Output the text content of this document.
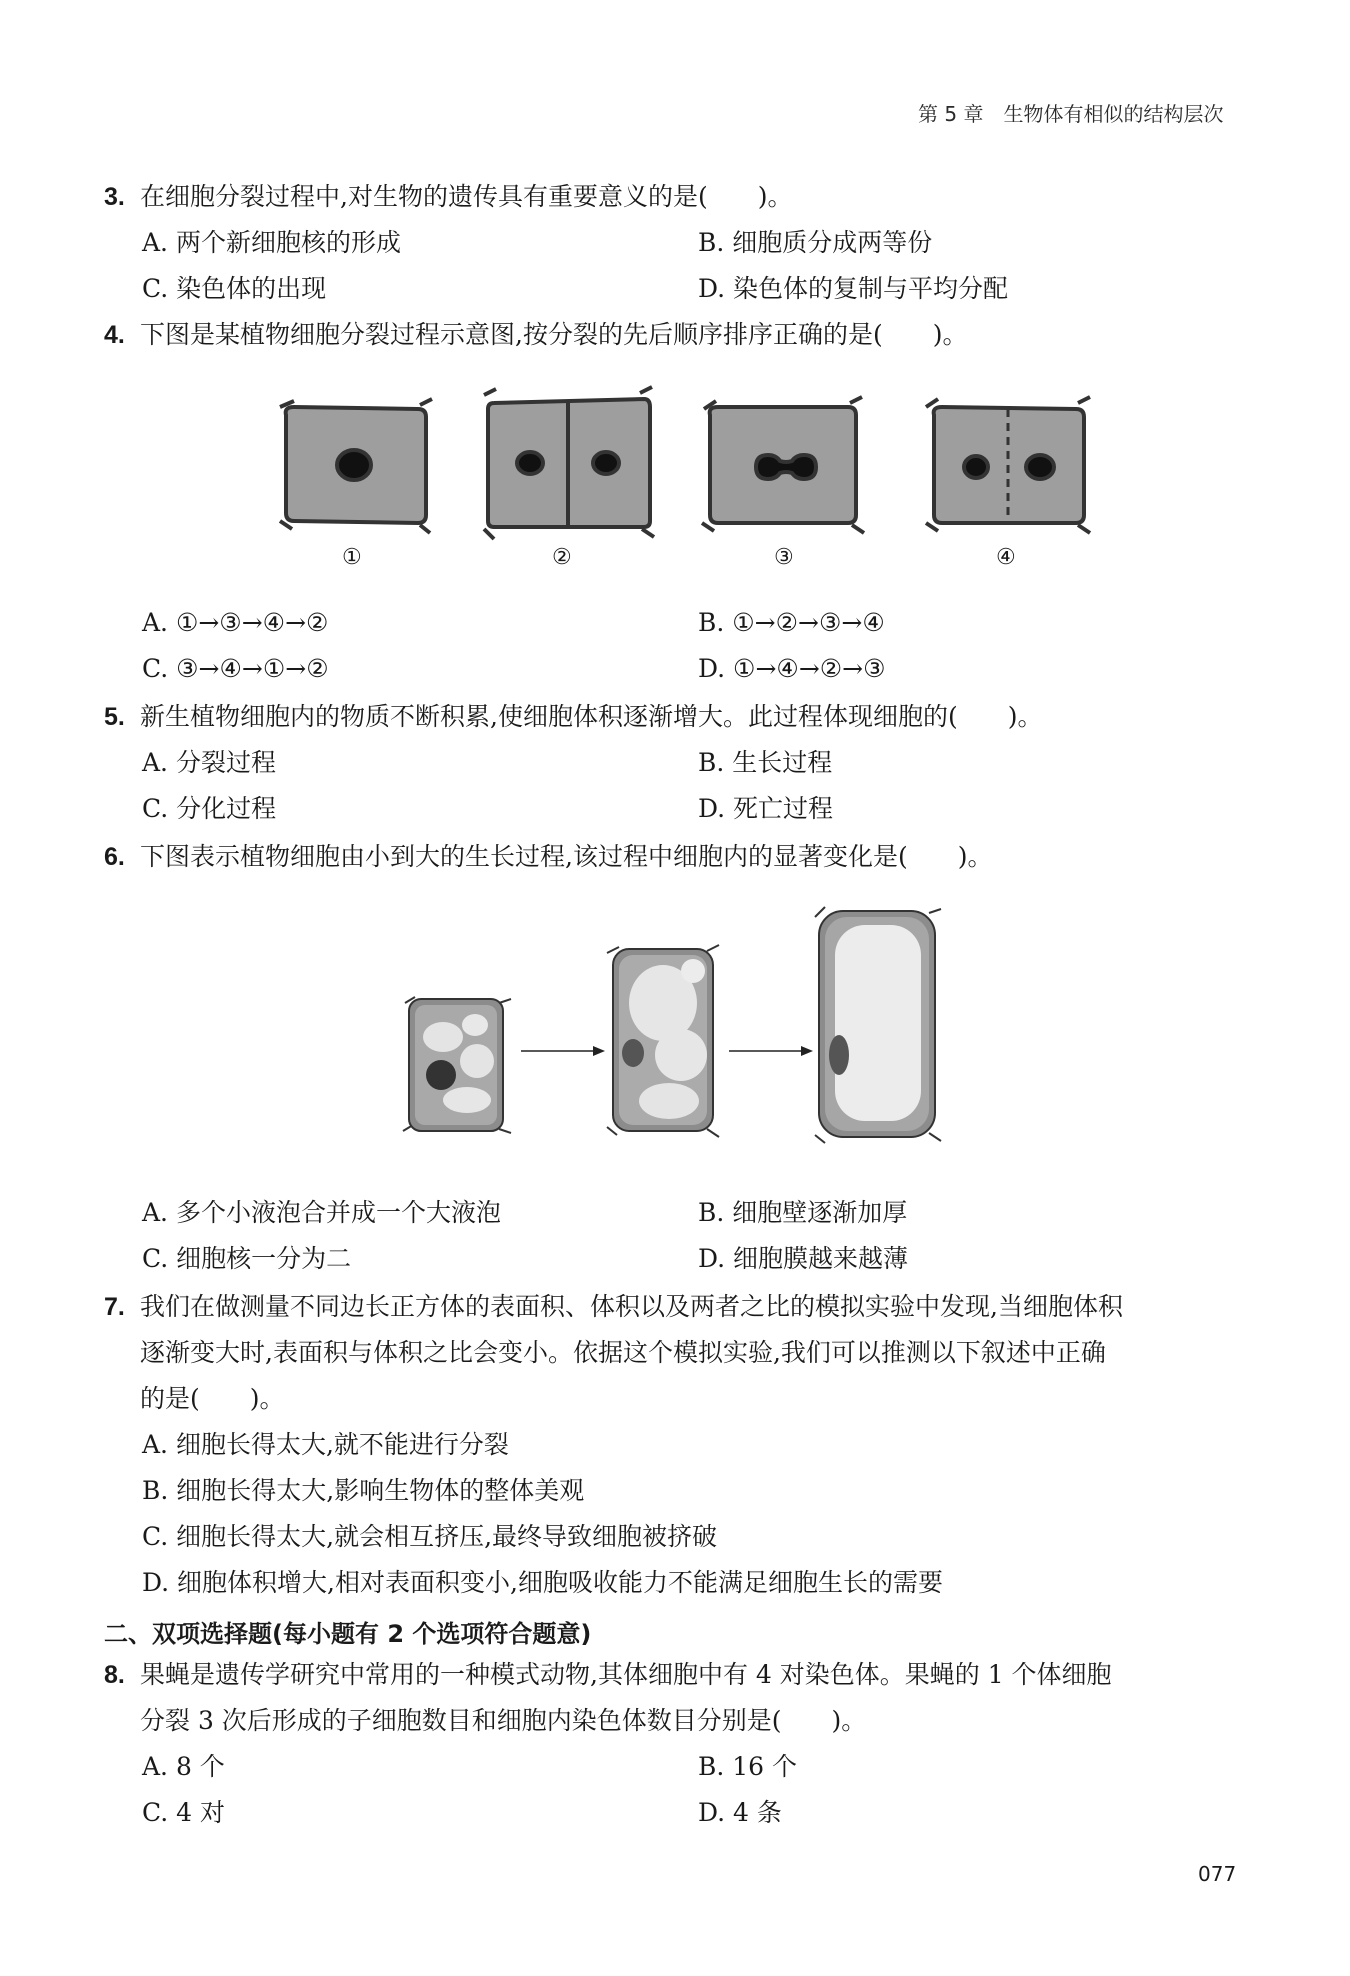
第 5 章　生物体有相似的结构层次
3. 在细胞分裂过程中,对生物的遗传具有重要意义的是(　　)。
A. 两个新细胞核的形成	B. 细胞质分成两等份
C. 染色体的出现	D. 染色体的复制与平均分配
4. 下图是某植物细胞分裂过程示意图,按分裂的先后顺序排序正确的是(　　)。
①	②	③	④
A. ①→③→④→②	B. ①→②→③→④
C. ③→④→①→②	D. ①→④→②→③
5. 新生植物细胞内的物质不断积累,使细胞体积逐渐增大。此过程体现细胞的(　　)。
A. 分裂过程	B. 生长过程
C. 分化过程	D. 死亡过程
6. 下图表示植物细胞由小到大的生长过程,该过程中细胞内的显著变化是(　　)。
A. 多个小液泡合并成一个大液泡	B. 细胞壁逐渐加厚
C. 细胞核一分为二	D. 细胞膜越来越薄
7. 我们在做测量不同边长正方体的表面积、体积以及两者之比的模拟实验中发现,当细胞体积
逐渐变大时,表面积与体积之比会变小。依据这个模拟实验,我们可以推测以下叙述中正确
的是(　　)。
A. 细胞长得太大,就不能进行分裂
B. 细胞长得太大,影响生物体的整体美观
C. 细胞长得太大,就会相互挤压,最终导致细胞被挤破
D. 细胞体积增大,相对表面积变小,细胞吸收能力不能满足细胞生长的需要
二、双项选择题(每小题有 2 个选项符合题意)
8. 果蝇是遗传学研究中常用的一种模式动物,其体细胞中有 4 对染色体。果蝇的 1 个体细胞
分裂 3 次后形成的子细胞数目和细胞内染色体数目分别是(　　)。
A. 8 个	B. 16 个
C. 4 对	D. 4 条
077
